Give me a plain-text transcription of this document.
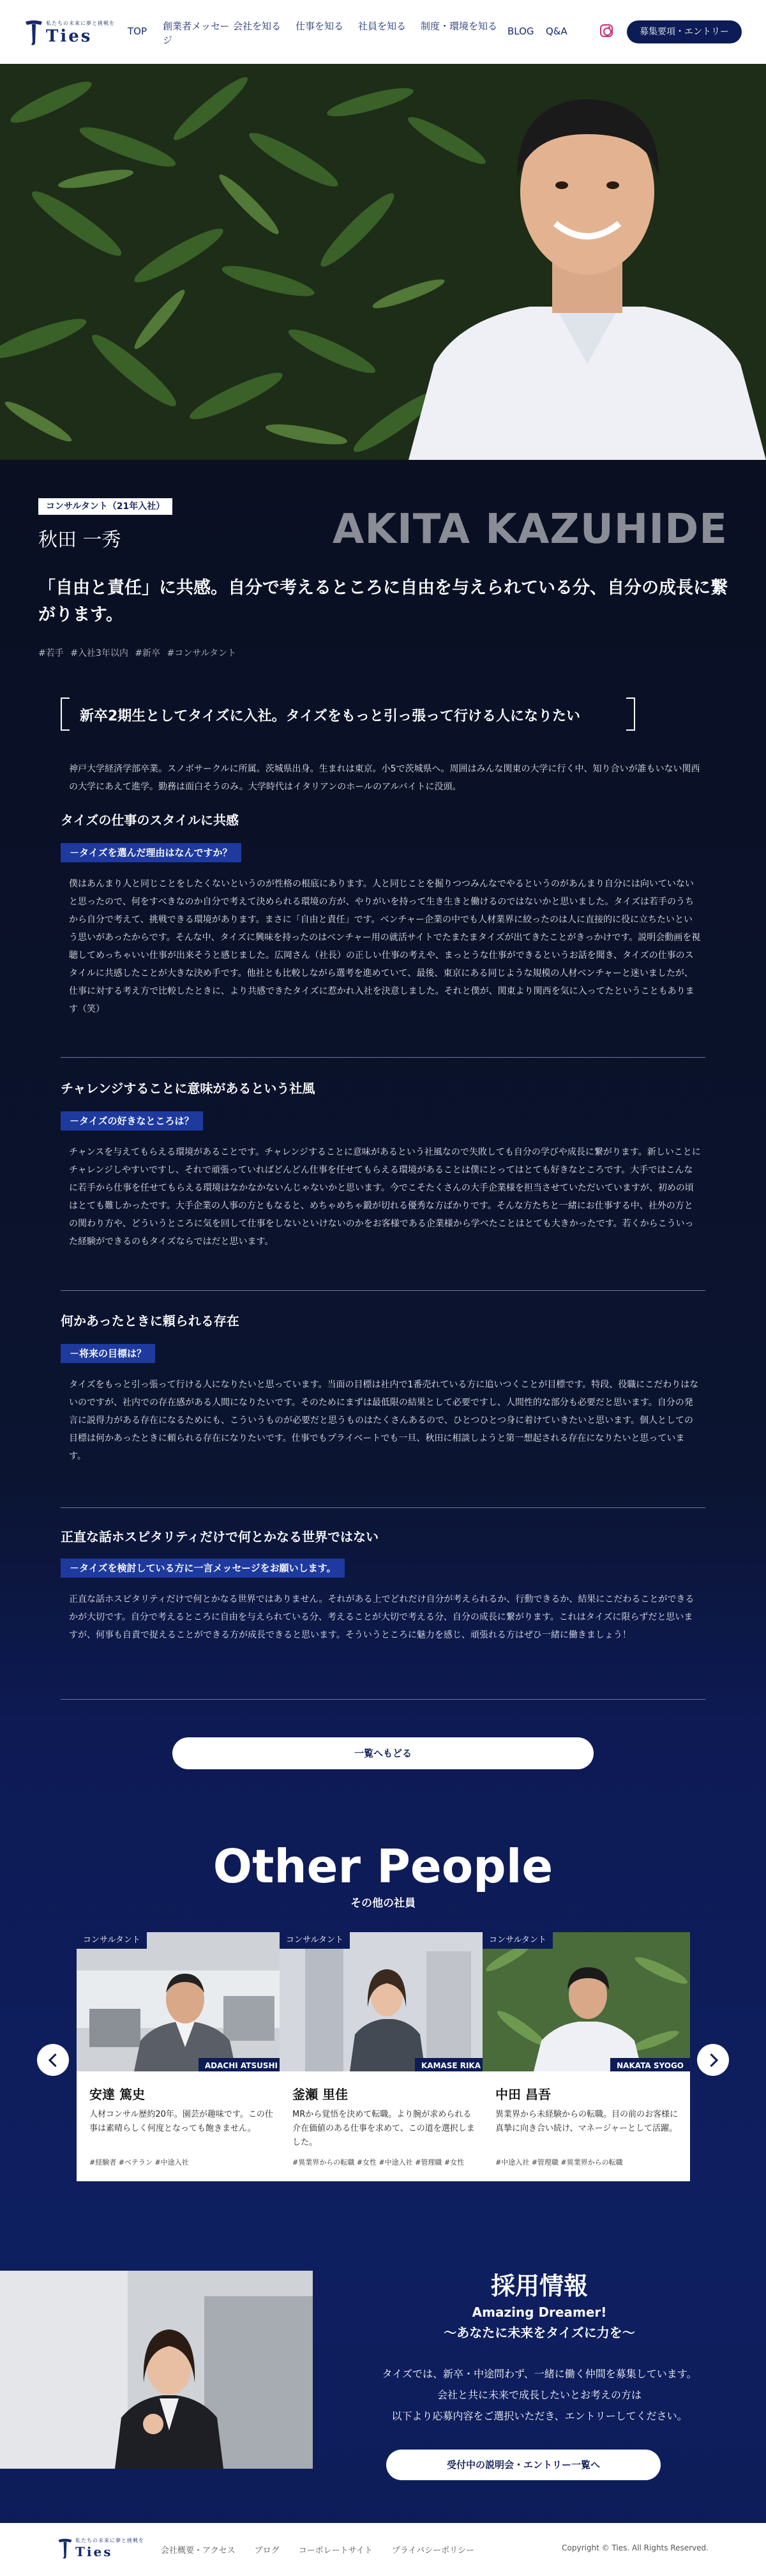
私たちの未来に夢と挑戦を
Ties	TOP	創業者メッセージ
会社を知る	仕事を知る	社員を知る	制度・環境を知る	BLOG	Q&A	募集要項・エントリー
コンサルタント（21年入社）
秋田 一秀	AKITA KAZUHIDE
「自由と責任」に共感。自分で考えるところに自由を与えられている分、自分の成長に繋がります。
#若手 #入社3年以内 #新卒 #コンサルタント
新卒2期生としてタイズに入社。タイズをもっと引っ張って行ける人になりたい
神戸大学経済学部卒業。スノボサークルに所属。茨城県出身。生まれは東京。小5で茨城県へ。周囲はみんな関東の大学に行く中、知り合いが誰もいない関西の大学にあえて進学。勤務は面白そうのみ。大学時代はイタリアンのホールのアルバイトに没頭。
タイズの仕事のスタイルに共感
－タイズを選んだ理由はなんですか？
僕はあんまり人と同じことをしたくないというのが性格の根底にあります。人と同じことを掘りつつみんなでやるというのがあんまり自分には向いていないと思ったので、何をすべきなのか自分で考えて決められる環境の方が、やりがいを持って生き生きと働けるのではないかと思いました。タイズは若手のうちから自分で考えて、挑戦できる環境があります。まさに「自由と責任」です。ベンチャー企業の中でも人材業界に絞ったのは人に直接的に役に立ちたいという思いがあったからです。そんな中、タイズに興味を持ったのはベンチャー用の就活サイトでたまたまタイズが出てきたことがきっかけです。説明会動画を視聴してめっちゃいい仕事が出来そうと感じました。広岡さん（社長）の正しい仕事の考えや、まっとうな仕事ができるというお話を聞き、タイズの仕事のスタイルに共感したことが大きな決め手です。他社とも比較しながら選考を進めていて、最後、東京にある同じような規模の人材ベンチャーと迷いましたが、仕事に対する考え方で比較したときに、より共感できたタイズに惹かれ入社を決意しました。それと僕が、関東より関西を気に入ってたということもあります（笑）
チャレンジすることに意味があるという社風
－タイズの好きなところは？
チャンスを与えてもらえる環境があることです。チャレンジすることに意味があるという社風なので失敗しても自分の学びや成長に繋がります。新しいことにチャレンジしやすいですし、それで頑張っていればどんどん仕事を任せてもらえる環境があることは僕にとってはとても好きなところです。大手ではこんなに若手から仕事を任せてもらえる環境はなかなかないんじゃないかと思います。今でこそたくさんの大手企業様を担当させていただいていますが、初めの頃はとても難しかったです。大手企業の人事の方ともなると、めちゃめちゃ鍛が切れる優秀な方ばかりです。そんな方たちと一緒にお仕事する中、社外の方との関わり方や、どういうところに気を回して仕事をしないといけないのかをお客様である企業様から学べたことはとても大きかったです。若くからこういった経験ができるのもタイズならではだと思います。
何かあったときに頼られる存在
－将来の目標は？
タイズをもっと引っ張って行ける人になりたいと思っています。当面の目標は社内で1番売れている方に追いつくことが目標です。特段、役職にこだわりはないのですが、社内での存在感がある人間になりたいです。そのためにまずは最低限の結果として必要ですし、人間性的な部分も必要だと思います。自分の発言に説得力がある存在になるためにも、こういうものが必要だと思うものはたくさんあるので、ひとつひとつ身に着けていきたいと思います。個人としての目標は何かあったときに頼られる存在になりたいです。仕事でもプライベートでも一旦、秋田に相談しようと第一想起される存在になりたいと思っています。
正直な話ホスピタリティだけで何とかなる世界ではない
－タイズを検討している方に一言メッセージをお願いします。
正直な話ホスピタリティだけで何とかなる世界ではありません。それがある上でどれだけ自分が考えられるか、行動できるか、結果にこだわることができるかが大切です。自分で考えるところに自由を与えられている分、考えることが大切で考える分、自分の成長に繋がります。これはタイズに限らずだと思いますが、何事も自責で捉えることができる方が成長できると思います。そういうところに魅力を感じ、頑張れる方はぜひ一緒に働きましょう！
一覧へもどる
Other People
その他の社員
コンサルタント
ADACHI ATSUSHI
安達 篤史
人材コンサル歴約20年。園芸が趣味です。この仕事は素晴らしく何度となっても飽きません。
#経験者 #ベテラン #中途入社
コンサルタント
KAMASE RIKA
釜瀬 里佳
MRから覚悟を決めて転職。より腕が求められる介在価値のある仕事を求めて、この道を選択しました。
#異業界からの転職 #女性 #中途入社 #管理職 #女性
コンサルタント
NAKATA SYOGO
中田 昌吾
異業界から未経験からの転職。目の前のお客様に真摯に向き合い続け、マネージャーとして活躍。
#中途入社 #管理職 #異業界からの転職
採用情報
Amazing Dreamer!
〜あなたに未来をタイズに力を〜
タイズでは、新卒・中途問わず、一緒に働く仲間を募集しています。
会社と共に未来で成長したいとお考えの方は
以下より応募内容をご選択いただき、エントリーしてください。
受付中の説明会・エントリー一覧へ
私たちの未来に夢と挑戦を
Ties	会社概要・アクセス ブログ コーポレートサイト プライバシーポリシー	Copyright © Ties. All Rights Reserved.
